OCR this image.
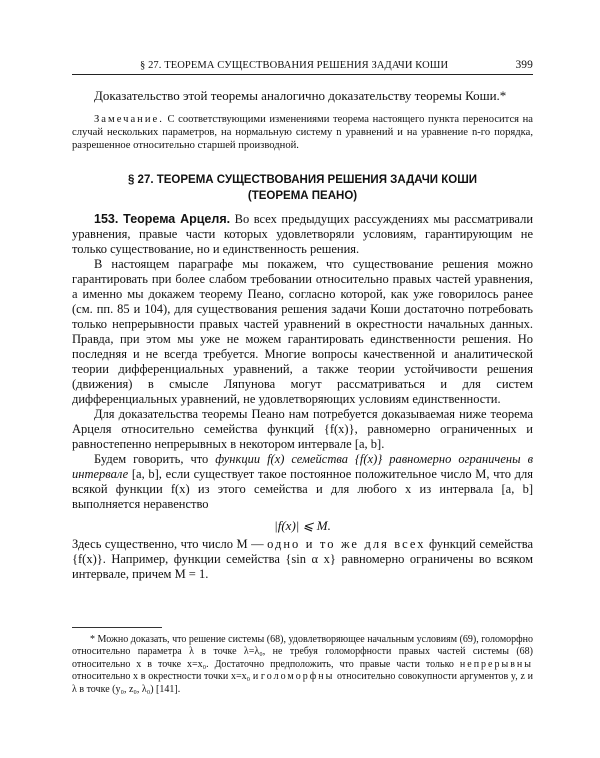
§ 27. ТЕОРЕМА СУЩЕСТВОВАНИЯ РЕШЕНИЯ ЗАДАЧИ КОШИ	399

Доказательство этой теоремы аналогично доказательству теоремы Коши.*

Замечание. С соответствующими изменениями теорема настоящего пункта переносится на случай нескольких параметров, на нормальную систему n уравнений и на уравнение n-го порядка, разрешенное относительно старшей производной.

§ 27. ТЕОРЕМА СУЩЕСТВОВАНИЯ РЕШЕНИЯ ЗАДАЧИ КОШИ
(ТЕОРЕМА ПЕАНО)

153. Теорема Арцеля. Во всех предыдущих рассуждениях мы рассматривали уравнения, правые части которых удовлетворяли условиям, гарантирующим не только существование, но и единственность решения.

В настоящем параграфе мы покажем, что существование решения можно гарантировать при более слабом требовании относительно правых частей уравнения, а именно мы докажем теорему Пеано, согласно которой, как уже говорилось ранее (см. пп. 85 и 104), для существования решения задачи Коши достаточно потребовать только непрерывности правых частей уравнений в окрестности начальных данных. Правда, при этом мы уже не можем гарантировать единственности решения. Но последняя и не всегда требуется. Многие вопросы качественной и аналитической теории дифференциальных уравнений, а также теории устойчивости решения (движения) в смысле Ляпунова могут рассматриваться и для систем дифференциальных уравнений, не удовлетворяющих условиям единственности.

Для доказательства теоремы Пеано нам потребуется доказываемая ниже теорема Арцеля относительно семейства функций {f(x)}, равномерно ограниченных и равностепенно непрерывных в некотором интервале [a, b].

Будем говорить, что функции f(x) семейства {f(x)} равномерно ограничены в интервале [a, b], если существует такое постоянное положительное число M, что для всякой функции f(x) из этого семейства и для любого x из интервала [a, b] выполняется неравенство

|f(x)| ⩽ M.

Здесь существенно, что число M — одно и то же для всех функций семейства {f(x)}. Например, функции семейства {sin α x} равномерно ограничены во всяком интервале, причем M = 1.

* Можно доказать, что решение системы (68), удовлетворяющее начальным условиям (69), голоморфно относительно параметра λ в точке λ=λ₀, не требуя голоморфности правых частей системы (68) относительно x в точке x=x₀. Достаточно предположить, что правые части только непрерывны относительно x в окрестности точки x=x₀ и голоморфны относительно совокупности аргументов y, z и λ в точке (y₀, z₀, λ₀) [141].
